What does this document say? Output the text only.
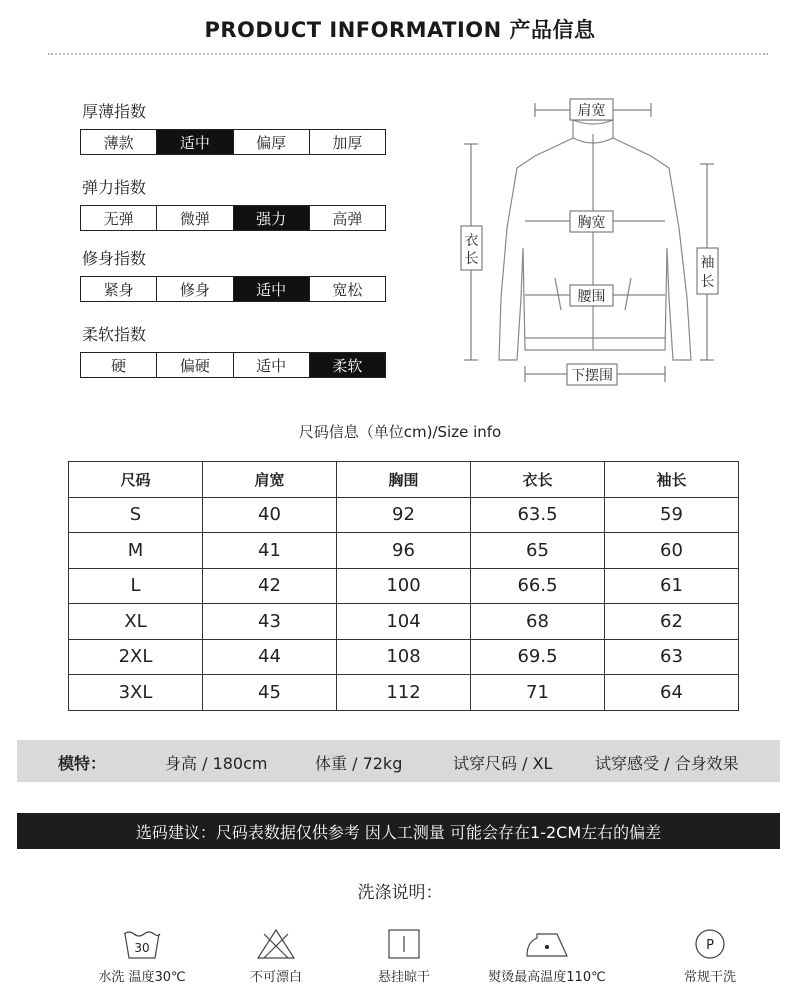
PRODUCT INFORMATION 产品信息
厚薄指数
薄款	适中	偏厚	加厚
弹力指数
无弹	微弹	强力	高弹
修身指数
紧身	修身	适中	宽松
柔软指数
硬	偏硬	适中	柔软
肩宽
胸宽
腰围
下摆围
衣
长	袖
长
尺码信息（单位cm)/Size info
尺码	肩宽	胸围	衣长	袖长
S	40	92	63.5	59
M	41	96	65	60
L	42	100	66.5	61
XL	43	104	68	62
2XL	44	108	69.5	63
3XL	45	112	71	64
模特：	身高 / 180cm	体重 / 72kg	试穿尺码 / XL	试穿感受 / 合身效果
选码建议：尺码表数据仅供参考 因人工测量 可能会存在1-2CM左右的偏差
洗涤说明：
30
水洗 温度30℃	不可漂白	悬挂晾干	熨烫最高温度110℃
P
常规干洗
